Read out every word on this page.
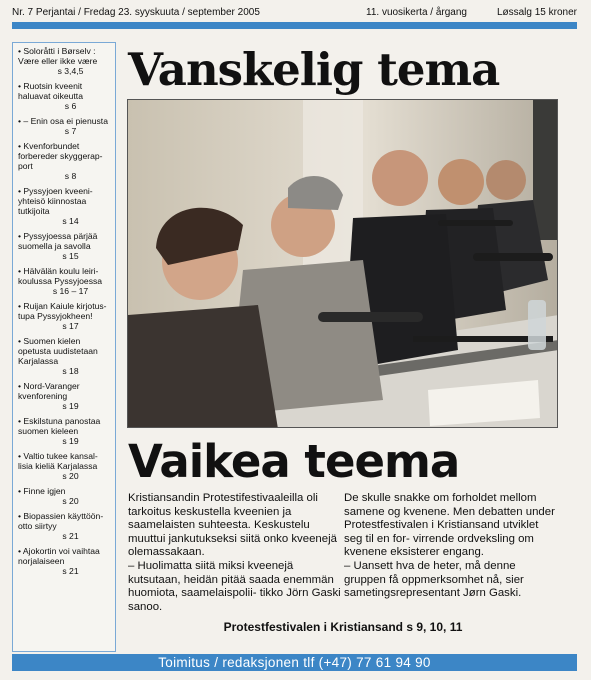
Nr. 7 Perjantai / Fredag 23. syyskuuta / september 2005	11. vuosikerta / årgang	Løssalg 15 kroner
• Soloråtti i Børselv : Være eller ikke være
s 3,4,5
• Ruotsin kveenit haluavat oikeutta
s 6
• – Enin osa ei pienusta
s 7
• Kvenforbundet forbereder skyggerap- port
s 8
• Pyssyjoen kveeni- yhteisö kiinnostaa tutkijoita
s 14
• Pyssyjoessa pärjää suomella ja savolla
s 15
• Hälvälän koulu leiri- koulussa Pyssyjoessa
s 16 – 17
• Ruijan Kaiule kirjotus- tupa Pyssyjokheen!
s 17
• Suomen kielen opetusta uudistetaan Karjalassa
s 18
• Nord-Varanger kvenforening
s 19
• Eskilstuna panostaa suomen kieleen
s 19
• Valtio tukee kansal- lisia kieliä Karjalassa
s 20
• Finne igjen
s 20
• Biopassien käyttöön- otto siirtyy
s 21
• Ajokortin voi vaihtaa norjalaiseen
s 21
Vanskelig tema
Vaikea teema

Kristiansandin Protestifestivaaleilla oli tarkoitus keskustella kveenien ja saamelaisten suhteesta. Keskustelu muuttui jankutukseksi siitä onko kveenejä olemassakaan.

– Huolimatta siitä miksi kveenejä kutsutaan, heidän pitää saada enemmän huomiota, saamelaispolii- tikko Jörn Gaski sanoo.

De skulle snakke om forholdet mellom samene og kvenene. Men debatten under Protestfestivalen i Kristiansand utviklet seg til en for- virrende ordveksling om kvenene eksisterer engang.

– Uansett hva de heter, må denne gruppen få oppmerksomhet nå, sier sametingsrepresentant Jørn Gaski.

Protestfestivalen i Kristiansand s 9, 10, 11
Toimitus / redaksjonen tlf (+47) 77 61 94 90
